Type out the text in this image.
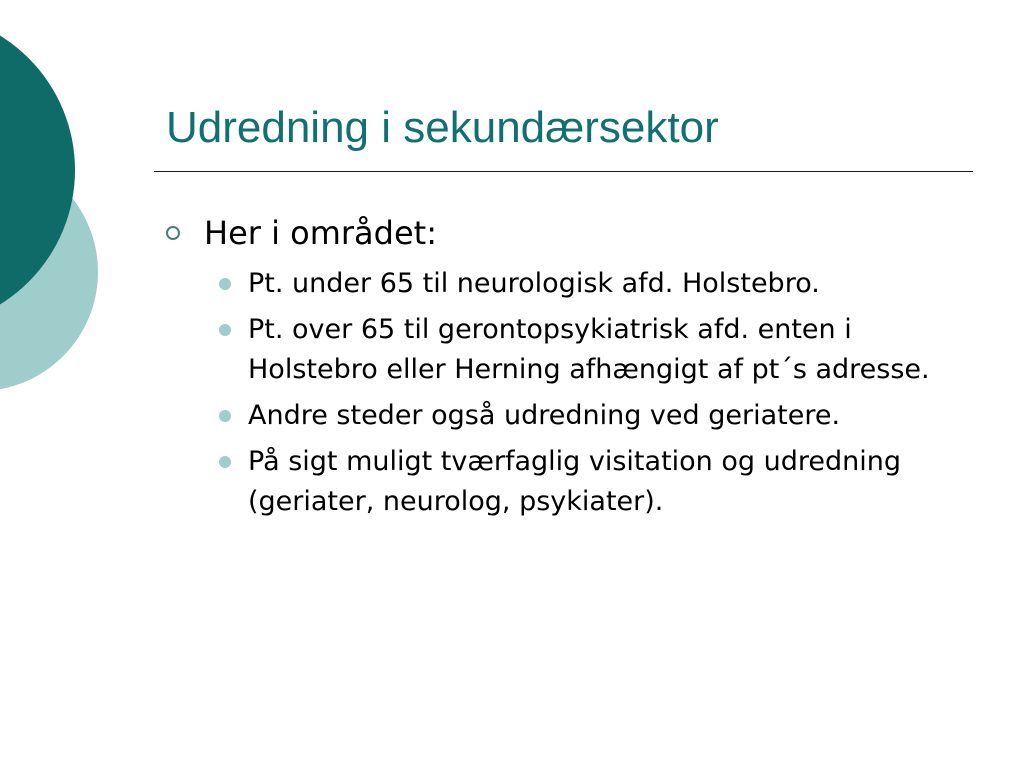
Udredning i sekundærsektor
Her i området:
Pt. under 65 til neurologisk afd. Holstebro.
Pt. over 65 til gerontopsykiatrisk afd. enten i Holstebro eller Herning afhængigt af pt´s adresse.
Andre steder også udredning ved geriatere.
På sigt muligt tværfaglig visitation og udredning (geriater, neurolog, psykiater).
